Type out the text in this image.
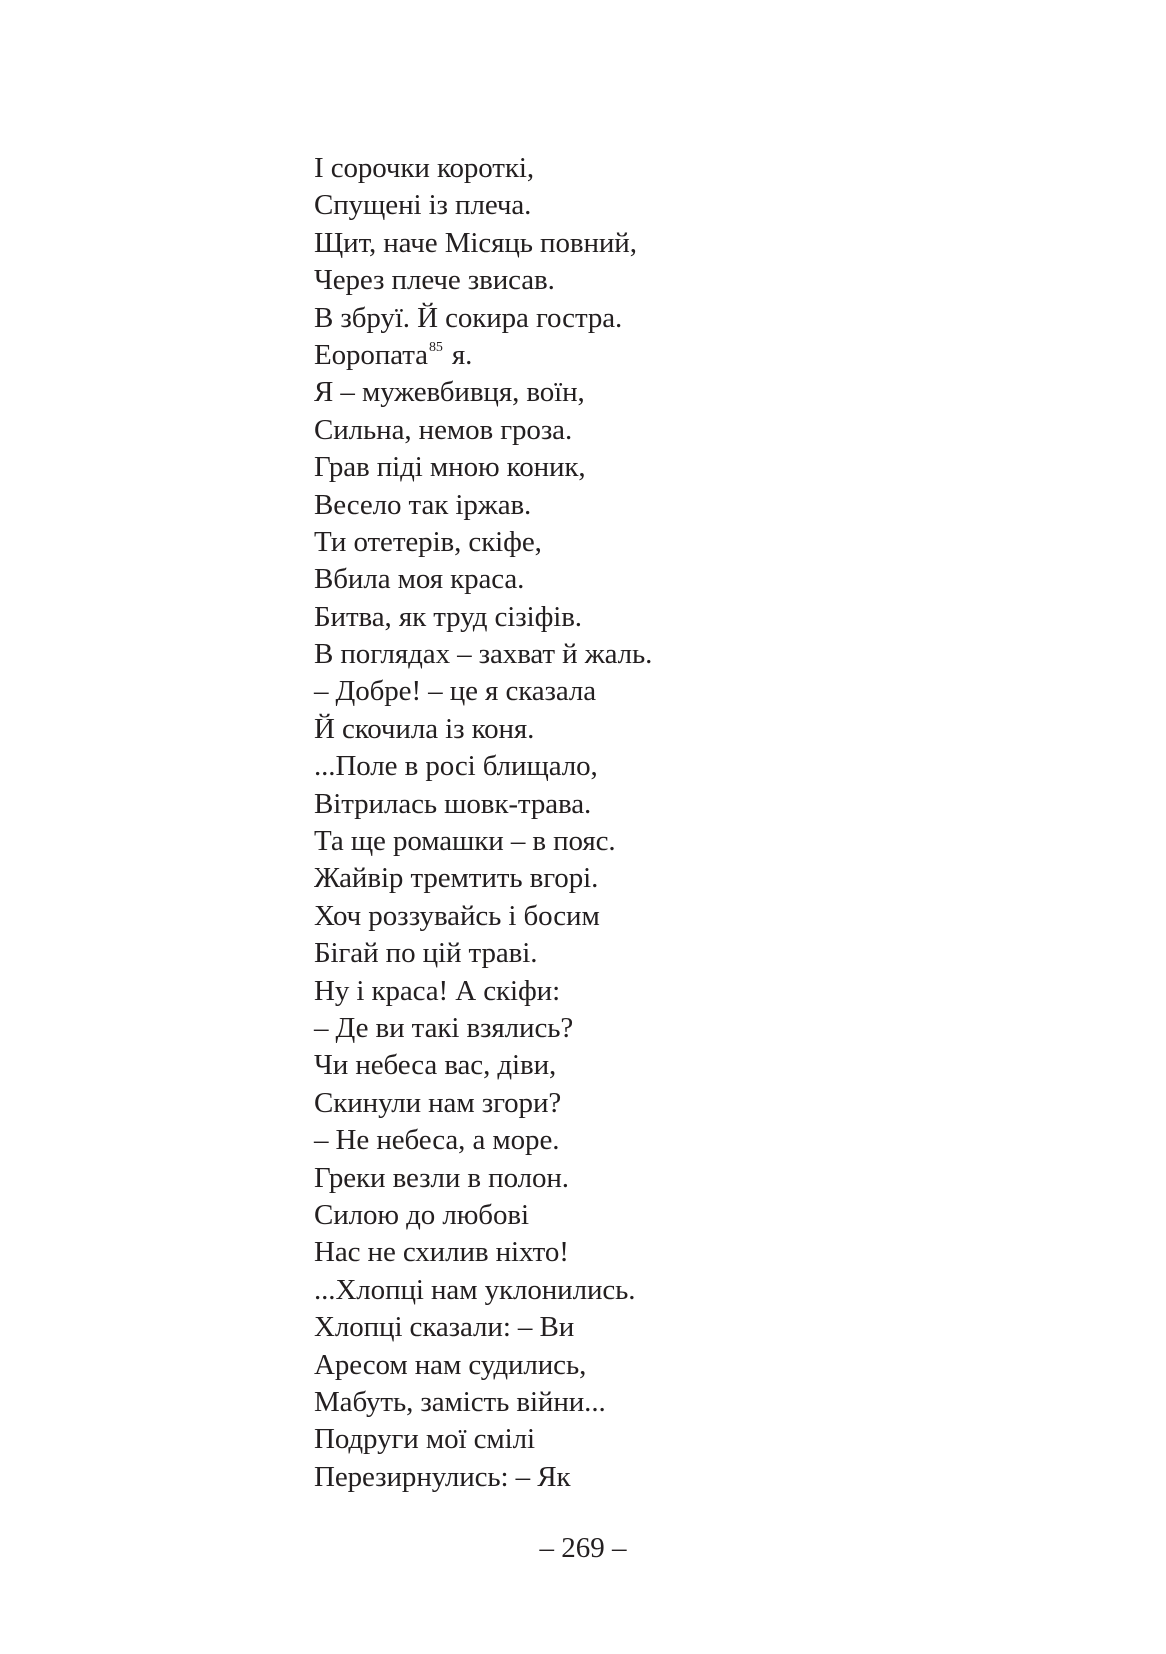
І сорочки короткі,
Спущені із плеча.
Щит, наче Місяць повний,
Через плече звисав.
В збруї. Й сокира гостра.
Еоропата$^{85}$ я.
Я – мужевбивця, воїн,
Сильна, немов гроза.
Грав піді мною коник,
Весело так іржав.
Ти отетерів, скіфе,
Вбила моя краса.
Битва, як труд сізіфів.
В поглядах – захват й жаль.
– Добре! – це я сказала
Й скочила із коня.
...Поле в росі блищало,
Вітрилась шовк-трава.
Та ще ромашки – в пояс.
Жайвір тремтить вгорі.
Хоч роззувайсь і босим
Бігай по цій траві.
Ну і краса! А скіфи:
– Де ви такі взялись?
Чи небеса вас, діви,
Скинули нам згори?
– Не небеса, а море.
Греки везли в полон.
Силою до любові
Нас не схилив ніхто!
...Хлопці нам уклонились.
Хлопці сказали: – Ви
Аресом нам судились,
Мабуть, замість війни...
Подруги мої смілі
Перезирнулись: – Як
– 269 –
